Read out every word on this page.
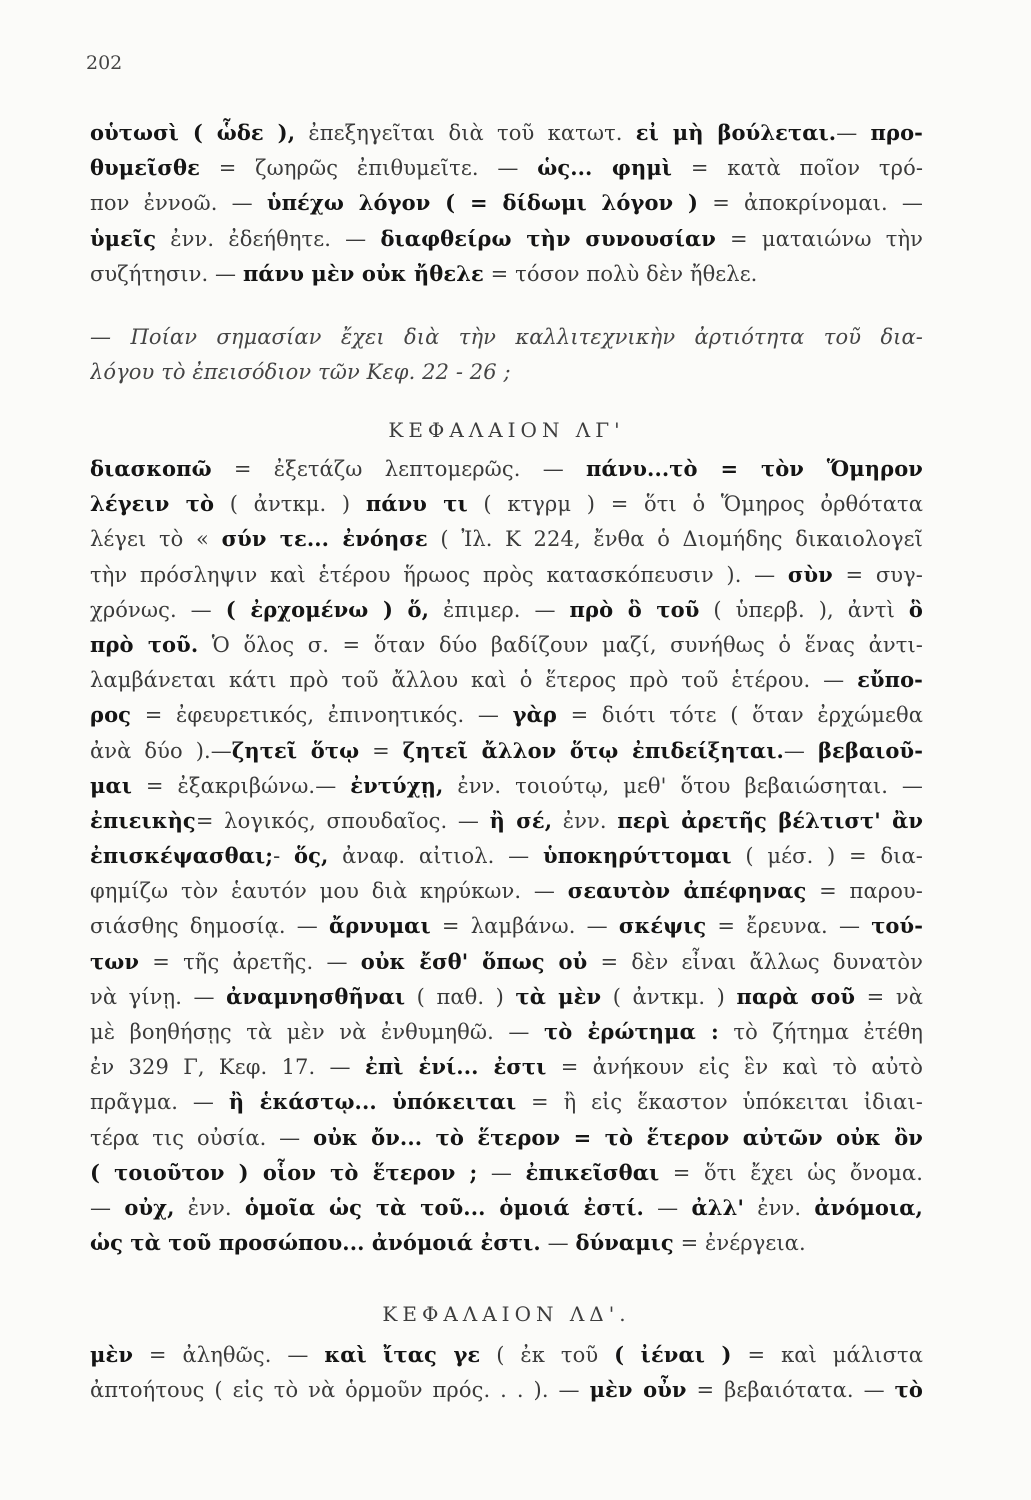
202
οὑτωσὶ ( ὧδε ), ἐπεξηγεῖται διὰ τοῦ κατωτ. εἰ μὴ βούλεται.— προ-
θυμεῖσθε = ζωηρῶς ἐπιθυμεῖτε. — ὡς... φημὶ = κατὰ ποῖον τρό-
πον ἐννοῶ. — ὑπέχω λόγον ( = δίδωμι λόγον ) = ἀποκρίνομαι. —
ὑμεῖς ἐνν. ἐδεήθητε. — διαφθείρω τὴν συνουσίαν = ματαιώνω τὴν
συζήτησιν. — πάνυ μὲν οὐκ ἤθελε = τόσον πολὺ δὲν ἤθελε.
— Ποίαν σημασίαν ἔχει διὰ τὴν καλλιτεχνικὴν ἀρτιότητα τοῦ δια-
λόγου τὸ ἐπεισόδιον τῶν Κεφ. 22 - 26 ;
ΚΕΦΑΛΑΙΟΝ ΛΓ'
διασκοπῶ = ἐξετάζω λεπτομερῶς. — πάνυ...τὸ = τὸν Ὅμηρον
λέγειν τὸ ( ἀντκμ. ) πάνυ τι ( κτγρμ ) = ὅτι ὁ Ὅμηρος ὀρθότατα
λέγει τὸ « σύν τε... ἐνόησε ( Ἰλ. Κ 224, ἔνθα ὁ Διομήδης δικαιολογεῖ
τὴν πρόσληψιν καὶ ἑτέρου ἥρωος πρὸς κατασκόπευσιν ). — σὺν = συγ-
χρόνως. — ( ἐρχομένω ) ὅ, ἐπιμερ. — πρὸ ὃ τοῦ ( ὑπερβ. ), ἀντὶ ὃ
πρὸ τοῦ. Ὁ ὅλος σ. = ὅταν δύο βαδίζουν μαζί, συνήθως ὁ ἕνας ἀντι-
λαμβάνεται κάτι πρὸ τοῦ ἄλλου καὶ ὁ ἕτερος πρὸ τοῦ ἑτέρου. — εὔπο-
ρος = ἐφευρετικός, ἐπινοητικός. — γὰρ = διότι τότε ( ὅταν ἐρχώμεθα
ἀνὰ δύο ).—ζητεῖ ὅτῳ = ζητεῖ ἄλλον ὅτῳ ἐπιδείξηται.— βεβαιοῦ-
μαι = ἐξακριβώνω.— ἐντύχῃ, ἐνν. τοιούτῳ, μεθ' ὅτου βεβαιώσηται. —
ἐπιεικὴς= λογικός, σπουδαῖος. — ἢ σέ, ἐνν. περὶ ἀρετῆς βέλτιστ' ἂν
ἐπισκέψασθαι;- ὅς, ἀναφ. αἰτιολ. — ὑποκηρύττομαι ( μέσ. ) = δια-
φημίζω τὸν ἑαυτόν μου διὰ κηρύκων. — σεαυτὸν ἀπέφηνας = παρου-
σιάσθης δημοσίᾳ. — ἄρνυμαι = λαμβάνω. — σκέψις = ἔρευνα. — τού-
των = τῆς ἀρετῆς. — οὐκ ἔσθ' ὅπως οὐ = δὲν εἶναι ἄλλως δυνατὸν
νὰ γίνῃ. — ἀναμνησθῆναι ( παθ. ) τὰ μὲν ( ἀντκμ. ) παρὰ σοῦ = νὰ
μὲ βοηθήσῃς τὰ μὲν νὰ ἐνθυμηθῶ. — τὸ ἐρώτημα : τὸ ζήτημα ἐτέθη
ἐν 329 Γ, Κεφ. 17. — ἐπὶ ἑνί... ἐστι = ἀνήκουν εἰς ἓν καὶ τὸ αὐτὸ
πρᾶγμα. — ἢ ἑκάστῳ... ὑπόκειται = ἢ εἰς ἕκαστον ὑπόκειται ἰδιαι-
τέρα τις οὐσία. — οὐκ ὄν... τὸ ἕτερον = τὸ ἕτερον αὐτῶν οὐκ ὂν
( τοιοῦτον ) οἷον τὸ ἕτερον ; — ἐπικεῖσθαι = ὅτι ἔχει ὡς ὄνομα.
— οὐχ, ἐνν. ὁμοῖα ὡς τὰ τοῦ... ὁμοιά ἐστί. — ἀλλ' ἐνν. ἀνόμοια,
ὡς τὰ τοῦ προσώπου... ἀνόμοιά ἐστι. — δύναμις = ἐνέργεια.
ΚΕΦΑΛΑΙΟΝ ΛΔ'.
μὲν = ἀληθῶς. — καὶ ἴτας γε ( ἐκ τοῦ ( ἰέναι ) = καὶ μάλιστα
ἀπτοήτους ( εἰς τὸ νὰ ὁρμοῦν πρός. . . ). — μὲν οὖν = βεβαιότατα. — τὸ
